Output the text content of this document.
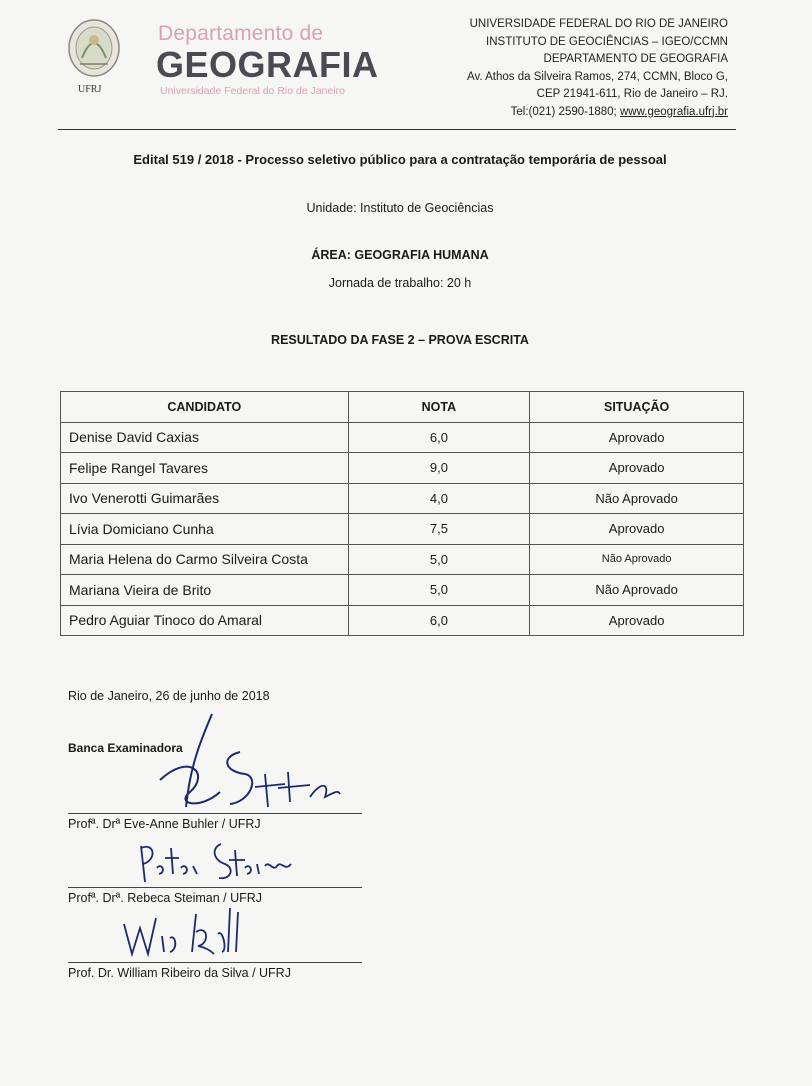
UFRJ
Departamento de
GEOGRAFIA
Universidade Federal do Rio de Janeiro
UNIVERSIDADE FEDERAL DO RIO DE JANEIRO
INSTITUTO DE GEOCIÊNCIAS – IGEO/CCMN
DEPARTAMENTO DE GEOGRAFIA
Av. Athos da Silveira Ramos, 274, CCMN, Bloco G,
CEP 21941-611, Rio de Janeiro – RJ.
Tel:(021) 2590-1880; www.geografia.ufrj.br
Edital 519 / 2018 - Processo seletivo público para a contratação temporária de pessoal
Unidade: Instituto de Geociências
ÁREA: GEOGRAFIA HUMANA
Jornada de trabalho: 20 h
RESULTADO DA FASE 2 – PROVA ESCRITA
CANDIDATO	NOTA	SITUAÇÃO
Denise David Caxias	6,0	Aprovado
Felipe Rangel Tavares	9,0	Aprovado
Ivo Venerotti Guimarães	4,0	Não Aprovado
Lívia Domiciano Cunha	7,5	Aprovado
Maria Helena do Carmo Silveira Costa	5,0	Não Aprovado
Mariana Vieira de Brito	5,0	Não Aprovado
Pedro Aguiar Tinoco do Amaral	6,0	Aprovado
Rio de Janeiro, 26 de junho de 2018
Banca Examinadora
Profª. Drª Eve-Anne Buhler / UFRJ
Profª. Drª. Rebeca Steiman / UFRJ
Prof. Dr. William Ribeiro da Silva / UFRJ
